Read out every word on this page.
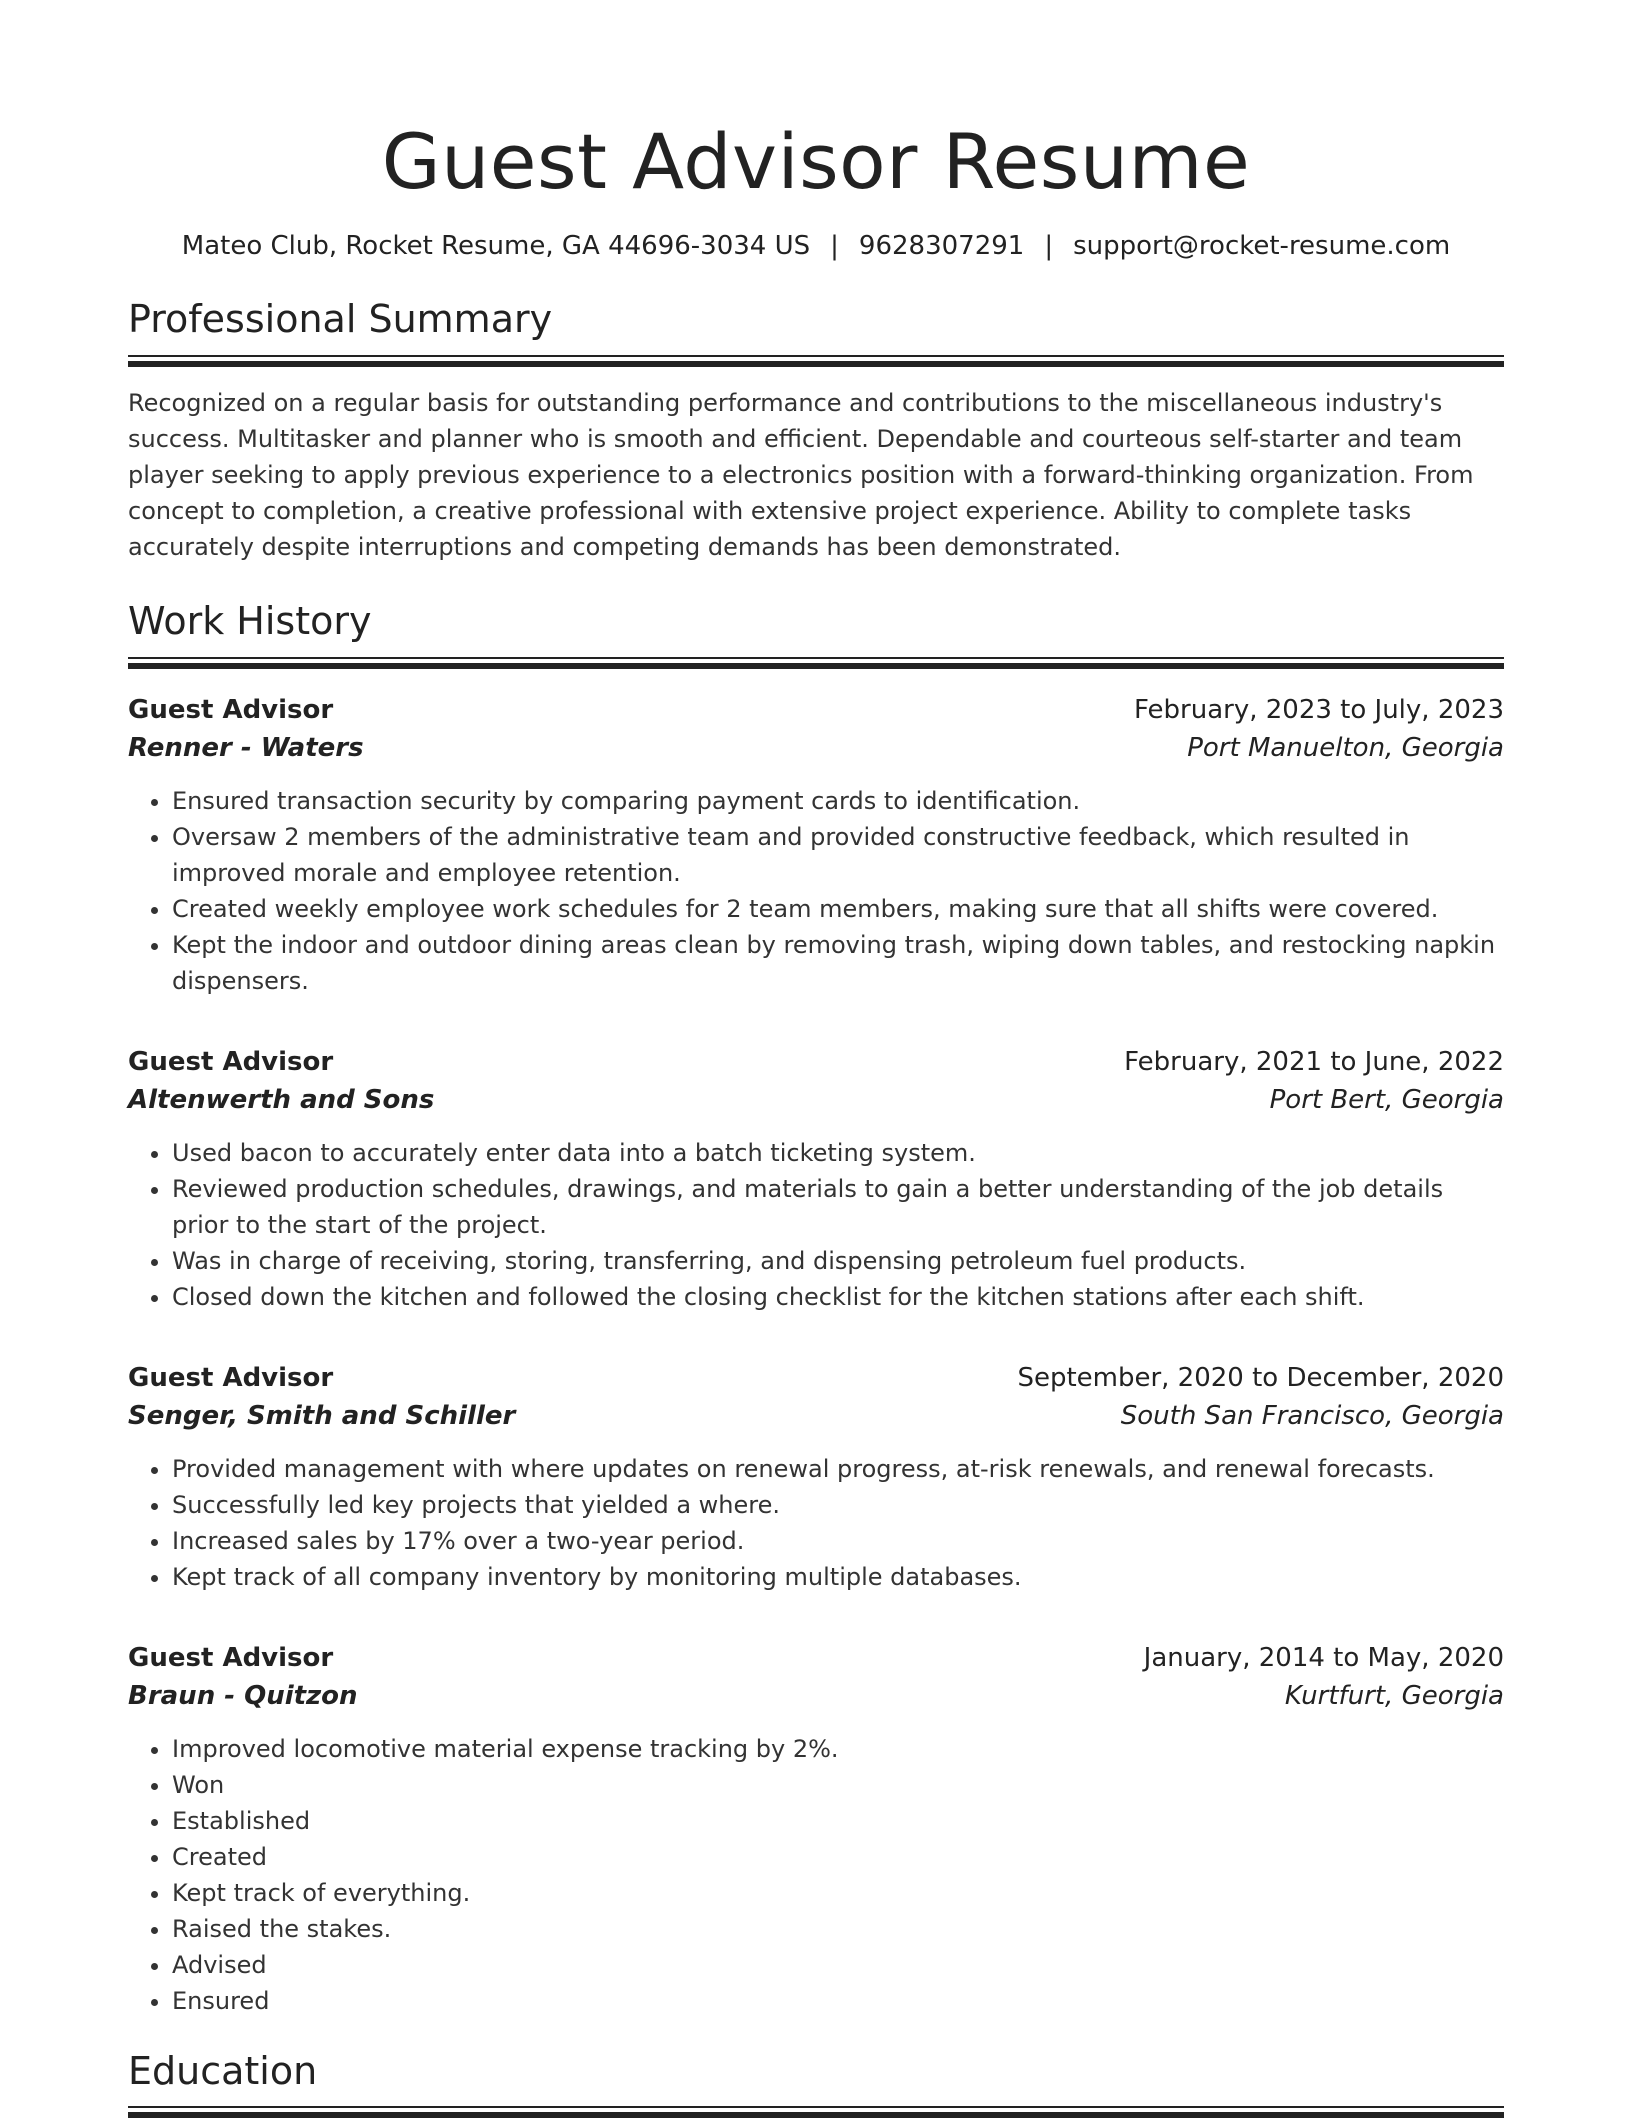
Guest Advisor Resume
Mateo Club, Rocket Resume, GA 44696-3034 US | 9628307291 | support@rocket-resume.com
Professional Summary

Recognized on a regular basis for outstanding performance and contributions to the miscellaneous industry's success. Multitasker and planner who is smooth and efficient. Dependable and courteous self-starter and team player seeking to apply previous experience to a electronics position with a forward-thinking organization. From concept to completion, a creative professional with extensive project experience. Ability to complete tasks accurately despite interruptions and competing demands has been demonstrated.

Work History
Guest Advisor	February, 2023 to July, 2023
Renner - Waters	Port Manuelton, Georgia
• Ensured transaction security by comparing payment cards to identification.
• Oversaw 2 members of the administrative team and provided constructive feedback, which resulted in improved morale and employee retention.
• Created weekly employee work schedules for 2 team members, making sure that all shifts were covered.
• Kept the indoor and outdoor dining areas clean by removing trash, wiping down tables, and restocking napkin dispensers.
Guest Advisor	February, 2021 to June, 2022
Altenwerth and Sons	Port Bert, Georgia
• Used bacon to accurately enter data into a batch ticketing system.
• Reviewed production schedules, drawings, and materials to gain a better understanding of the job details prior to the start of the project.
• Was in charge of receiving, storing, transferring, and dispensing petroleum fuel products.
• Closed down the kitchen and followed the closing checklist for the kitchen stations after each shift.
Guest Advisor	September, 2020 to December, 2020
Senger, Smith and Schiller	South San Francisco, Georgia
• Provided management with where updates on renewal progress, at-risk renewals, and renewal forecasts.
• Successfully led key projects that yielded a where.
• Increased sales by 17% over a two-year period.
• Kept track of all company inventory by monitoring multiple databases.
Guest Advisor	January, 2014 to May, 2020
Braun - Quitzon	Kurtfurt, Georgia
• Improved locomotive material expense tracking by 2%.
• Won
• Established
• Created
• Kept track of everything.
• Raised the stakes.
• Advised
• Ensured
Education
